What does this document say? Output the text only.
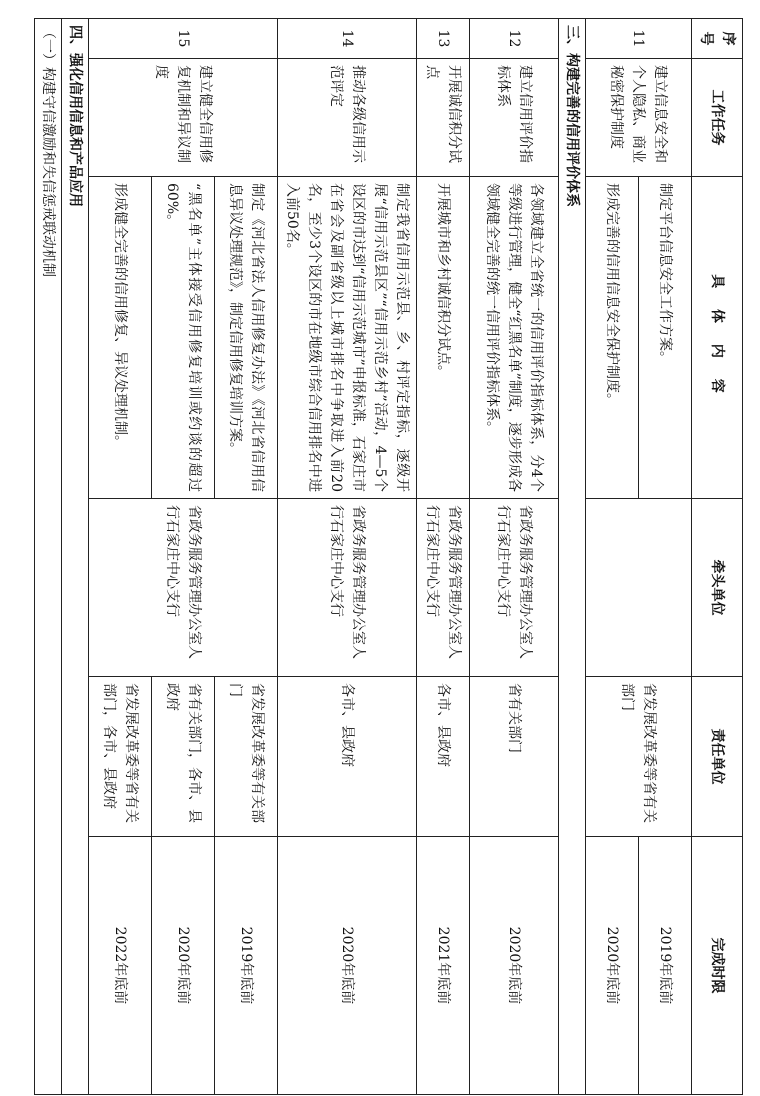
序号	工作任务	具 体 内 容	牵头单位	责任单位	完成时限
11	建立信息安全和个人隐私、商业秘密保护制度	制定平台信息安全工作方案。		省发展改革委等省有关部门	2019年底前
		形成完善的信用信息安全保护制度。			2020年底前
三、构建完善的信用评价体系					
12	建立信用评价指标体系	各领域建立全省统一的信用评价指标体系，分4个等级进行管理，健全“红黑名单”制度，逐步形成各领域健全完善的统一信用评价指标体系。	省政务服务管理办公室人行石家庄中心支行	省有关部门	2020年底前
13	开展诚信积分试点	开展城市和乡村诚信积分试点。	省政务服务管理办公室人行石家庄中心支行	各市、县政府	2021年底前
14	推动各级信用示范评定	制定我省信用示范县、乡、村评定指标，逐级开展“信用示范县区”“信用示范乡村”活动，4—5个设区的市达到“信用示范城市”申报标准，石家庄市在省会及副省级以上城市排名中争取进入前20名，至少3个设区的市在地级市综合信用排名中进入前50名。	省政务服务管理办公室人行石家庄中心支行	各市、县政府	2020年底前
15	建立健全信用修复机制和异议制度	制定《河北省法人信用修复办法》《河北省信用信息异议处理规范》，制定信用修复培训方案。	省政务服务管理办公室人行石家庄中心支行	省发展改革委等有关部门	2019年底前
		“黑名单”主体接受信用修复培训或约谈的超过60%。		省有关部门，各市、县政府	2020年底前
		形成健全完善的信用修复、异议处理机制。		省发展改革委等省有关部门，各市、县政府	2022年底前
四、强化信用信息和产品应用					
（一）构建守信激励和失信惩戒联动机制					
